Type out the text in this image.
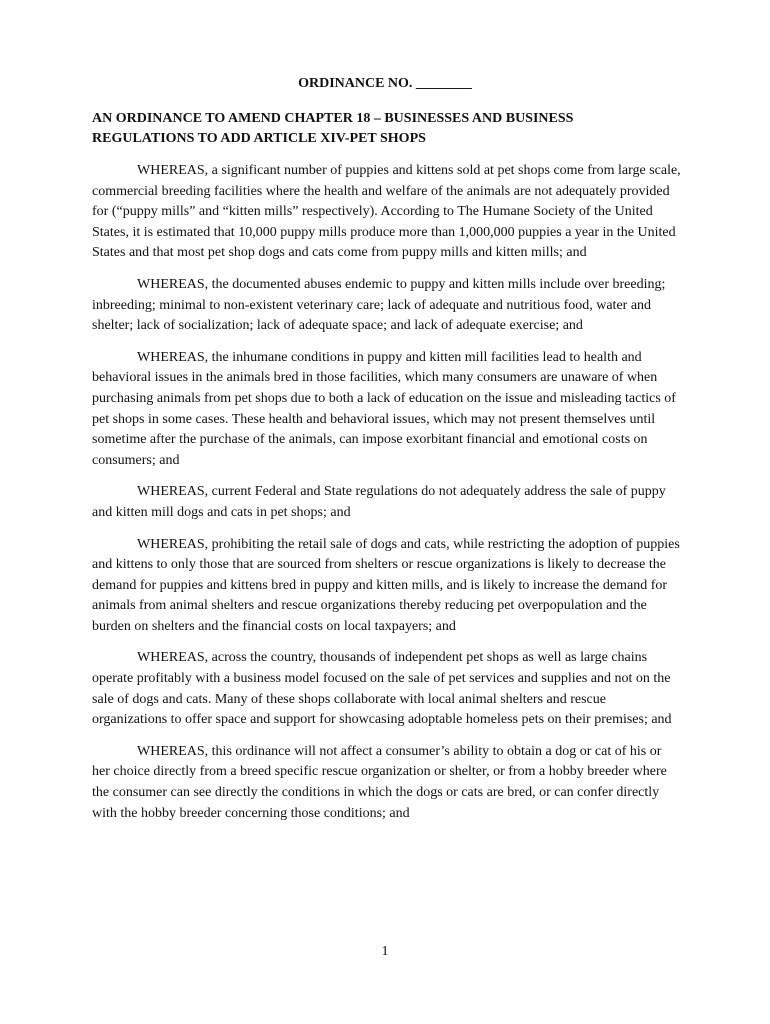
ORDINANCE NO. ________
AN ORDINANCE TO AMEND CHAPTER 18 – BUSINESSES AND BUSINESS
REGULATIONS TO ADD ARTICLE XIV-PET SHOPS

WHEREAS, a significant number of puppies and kittens sold at pet shops come from large scale, commercial breeding facilities where the health and welfare of the animals are not adequately provided for (“puppy mills” and “kitten mills” respectively). According to The Humane Society of the United States, it is estimated that 10,000 puppy mills produce more than 1,000,000 puppies a year in the United States and that most pet shop dogs and cats come from puppy mills and kitten mills; and

WHEREAS, the documented abuses endemic to puppy and kitten mills include over breeding; inbreeding; minimal to non-existent veterinary care; lack of adequate and nutritious food, water and shelter; lack of socialization; lack of adequate space; and lack of adequate exercise; and

WHEREAS, the inhumane conditions in puppy and kitten mill facilities lead to health and behavioral issues in the animals bred in those facilities, which many consumers are unaware of when purchasing animals from pet shops due to both a lack of education on the issue and misleading tactics of pet shops in some cases. These health and behavioral issues, which may not present themselves until sometime after the purchase of the animals, can impose exorbitant financial and emotional costs on consumers; and

WHEREAS, current Federal and State regulations do not adequately address the sale of puppy and kitten mill dogs and cats in pet shops; and

WHEREAS, prohibiting the retail sale of dogs and cats, while restricting the adoption of puppies and kittens to only those that are sourced from shelters or rescue organizations is likely to decrease the demand for puppies and kittens bred in puppy and kitten mills, and is likely to increase the demand for animals from animal shelters and rescue organizations thereby reducing pet overpopulation and the burden on shelters and the financial costs on local taxpayers; and

WHEREAS, across the country, thousands of independent pet shops as well as large chains operate profitably with a business model focused on the sale of pet services and supplies and not on the sale of dogs and cats. Many of these shops collaborate with local animal shelters and rescue organizations to offer space and support for showcasing adoptable homeless pets on their premises; and

WHEREAS, this ordinance will not affect a consumer’s ability to obtain a dog or cat of his or her choice directly from a breed specific rescue organization or shelter, or from a hobby breeder where the consumer can see directly the conditions in which the dogs or cats are bred, or can confer directly with the hobby breeder concerning those conditions; and

1
